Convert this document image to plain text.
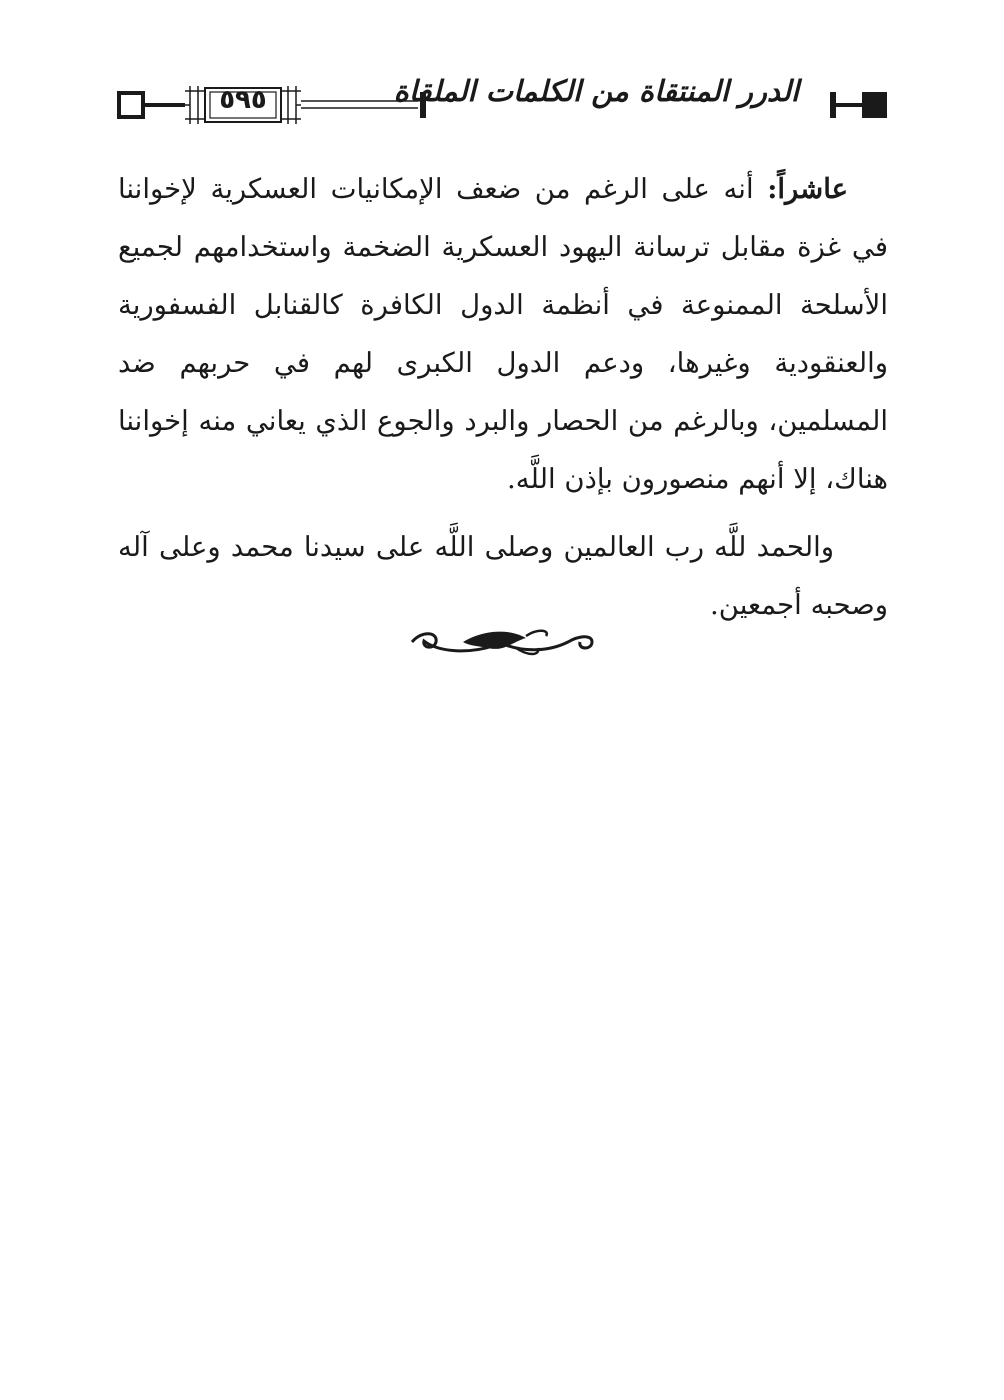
الدرر المنتقاة من الكلمات الملقاة
٥٩٥

عاشراً: أنه على الرغم من ضعف الإمكانيات العسكرية لإخواننا في غزة مقابل ترسانة اليهود العسكرية الضخمة واستخدامهم لجميع الأسلحة الممنوعة في أنظمة الدول الكافرة كالقنابل الفسفورية والعنقودية وغيرها، ودعم الدول الكبرى لهم في حربهم ضد المسلمين، وبالرغم من الحصار والبرد والجوع الذي يعاني منه إخواننا هناك، إلا أنهم منصورون بإذن اللَّه.

والحمد للَّه رب العالمين وصلى اللَّه على سيدنا محمد وعلى آله وصحبه أجمعين.
